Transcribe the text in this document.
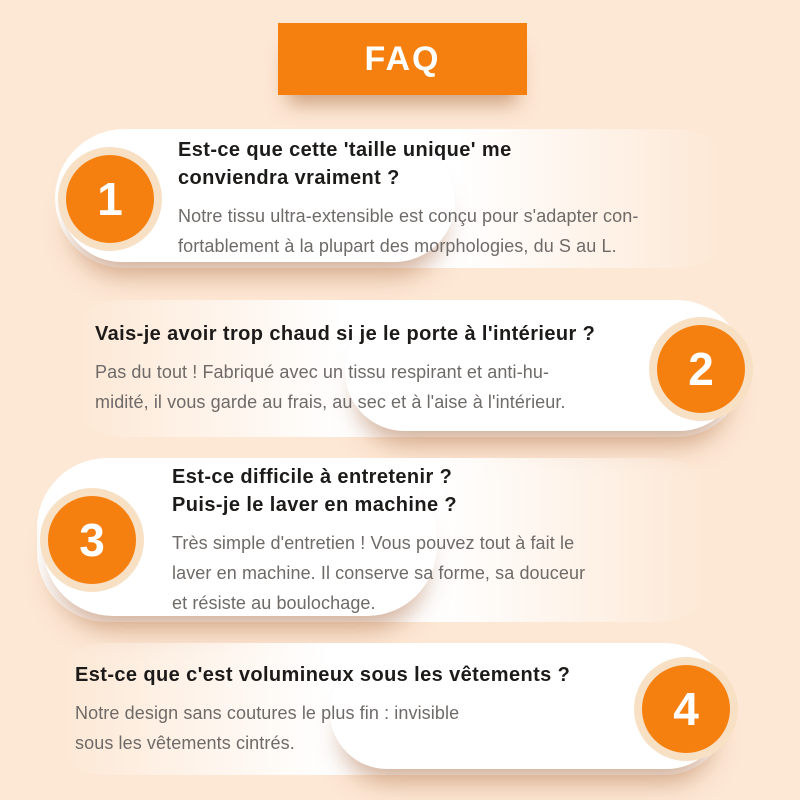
FAQ
1
Est-ce que cette 'taille unique' me
conviendra vraiment ?

Notre tissu ultra-extensible est conçu pour s'adapter con-
fortablement à la plupart des morphologies, du S au L.

2
Vais-je avoir trop chaud si je le porte à l'intérieur ?

Pas du tout ! Fabriqué avec un tissu respirant et anti-hu-
midité, il vous garde au frais, au sec et à l'aise à l'intérieur.

3
Est-ce difficile à entretenir ?
Puis-je le laver en machine ?

Très simple d'entretien ! Vous pouvez tout à fait le
laver en machine. Il conserve sa forme, sa douceur
et résiste au boulochage.

4
Est-ce que c'est volumineux sous les vêtements ?

Notre design sans coutures le plus fin : invisible
sous les vêtements cintrés.
